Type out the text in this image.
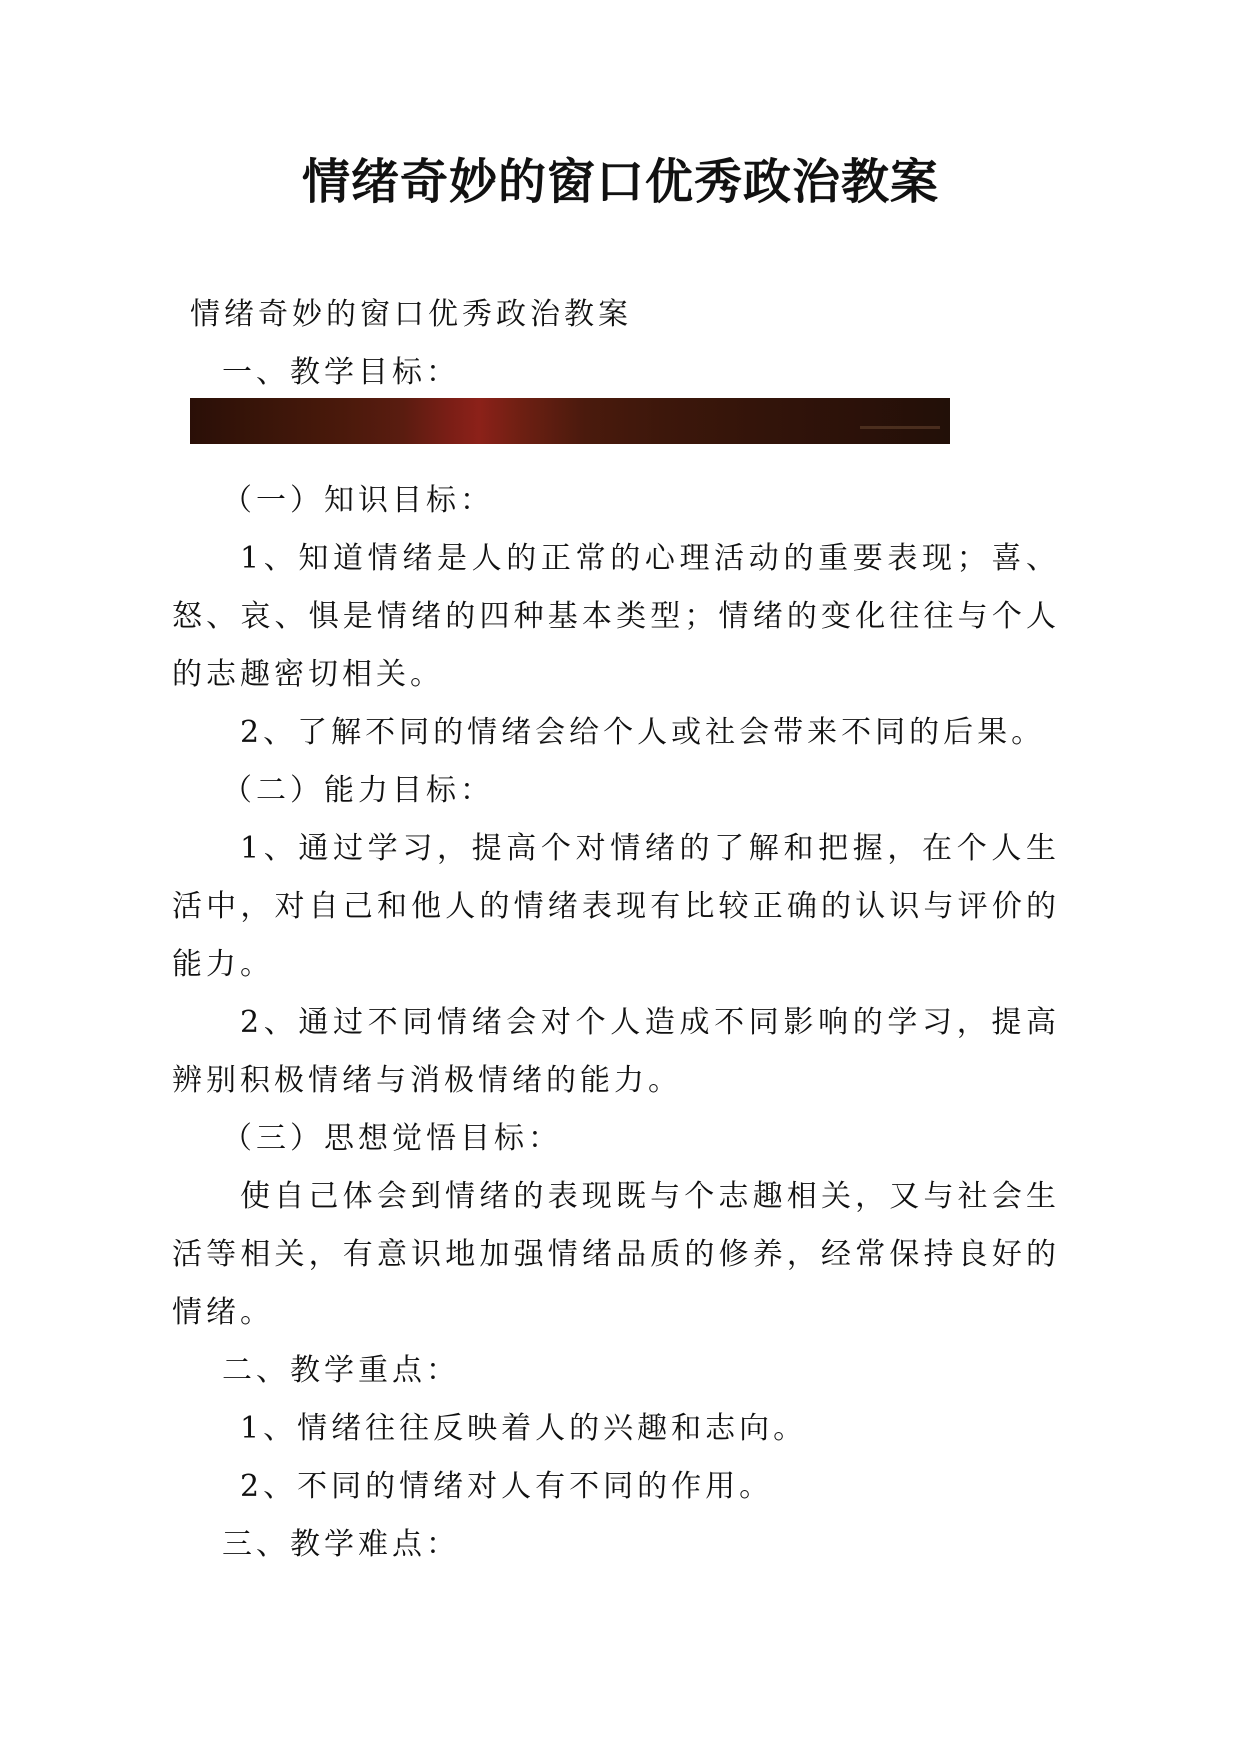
情绪奇妙的窗口优秀政治教案

情绪奇妙的窗口优秀政治教案

一、教学目标：

（一）知识目标：

1、知道情绪是人的正常的心理活动的重要表现；喜、怒、哀、惧是情绪的四种基本类型；情绪的变化往往与个人的志趣密切相关。

2、了解不同的情绪会给个人或社会带来不同的后果。

（二）能力目标：

1、通过学习，提高个对情绪的了解和把握，在个人生活中，对自己和他人的情绪表现有比较正确的认识与评价的能力。

2、通过不同情绪会对个人造成不同影响的学习，提高辨别积极情绪与消极情绪的能力。

（三）思想觉悟目标：

使自己体会到情绪的表现既与个志趣相关，又与社会生活等相关，有意识地加强情绪品质的修养，经常保持良好的情绪。

二、教学重点：

1、情绪往往反映着人的兴趣和志向。

2、不同的情绪对人有不同的作用。

三、教学难点：
